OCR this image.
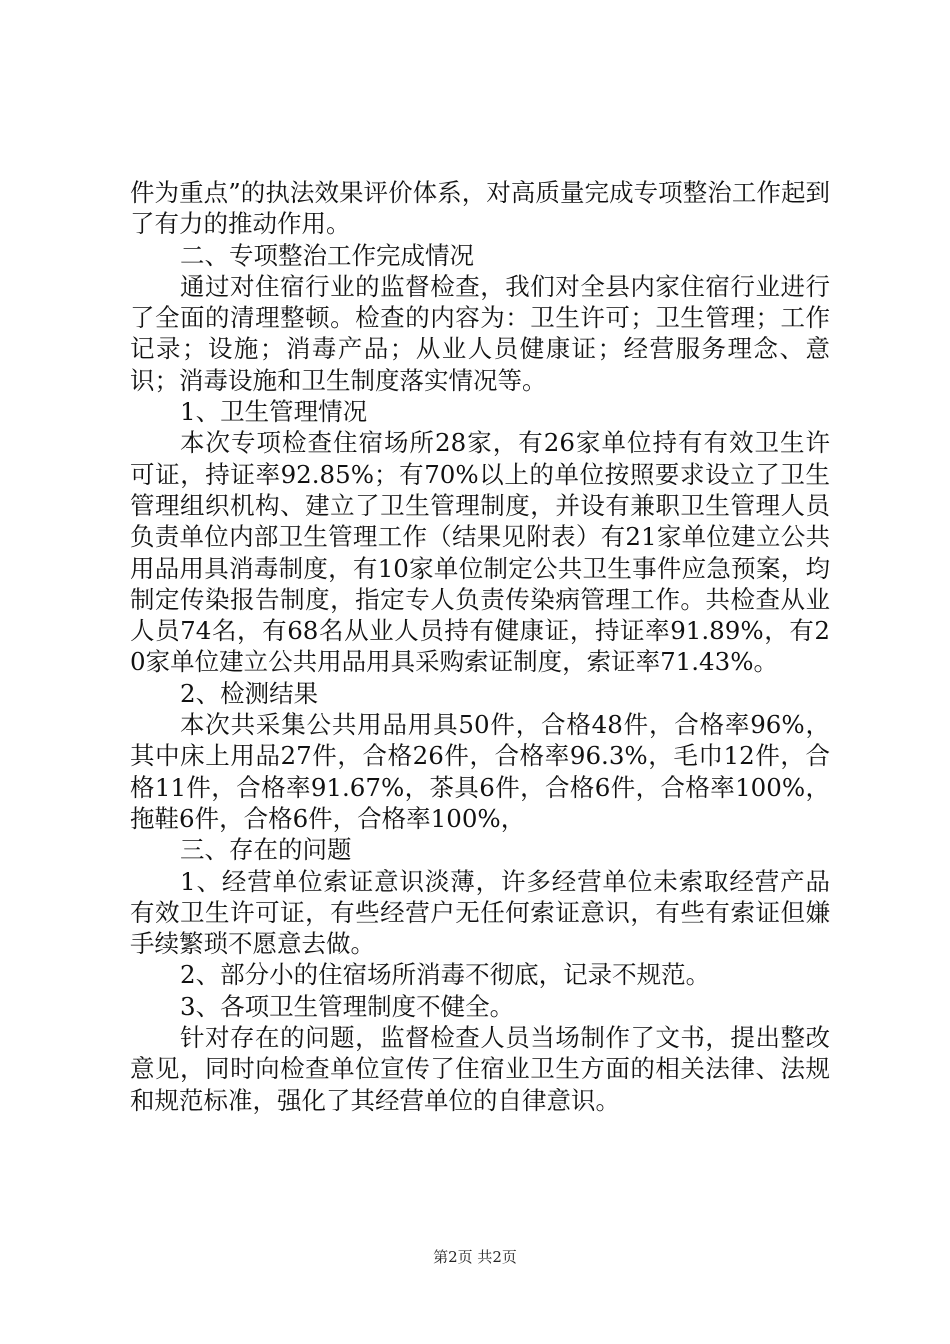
件为重点”的执法效果评价体系，对高质量完成专项整治工作起到了有力的推动作用。

二、专项整治工作完成情况

通过对住宿行业的监督检查，我们对全县内家住宿行业进行了全面的清理整顿。检查的内容为：卫生许可；卫生管理；工作记录；设施；消毒产品；从业人员健康证；经营服务理念、意识；消毒设施和卫生制度落实情况等。

1、卫生管理情况

本次专项检查住宿场所28家，有26家单位持有有效卫生许可证，持证率92.85%；有70%以上的单位按照要求设立了卫生管理组织机构、建立了卫生管理制度，并设有兼职卫生管理人员负责单位内部卫生管理工作（结果见附表）有21家单位建立公共用品用具消毒制度，有10家单位制定公共卫生事件应急预案，均制定传染报告制度，指定专人负责传染病管理工作。共检查从业人员74名，有68名从业人员持有健康证，持证率91.89%，有20家单位建立公共用品用具采购索证制度，索证率71.43%。

2、检测结果

本次共采集公共用品用具50件，合格48件，合格率96%，其中床上用品27件，合格26件，合格率96.3%，毛巾12件，合格11件，合格率91.67%，茶具6件，合格6件，合格率100%，拖鞋6件，合格6件，合格率100%，

三、存在的问题

1、经营单位索证意识淡薄，许多经营单位未索取经营产品有效卫生许可证，有些经营户无任何索证意识，有些有索证但嫌手续繁琐不愿意去做。

2、部分小的住宿场所消毒不彻底，记录不规范。

3、各项卫生管理制度不健全。

针对存在的问题，监督检查人员当场制作了文书，提出整改意见，同时向检查单位宣传了住宿业卫生方面的相关法律、法规和规范标准，强化了其经营单位的自律意识。

第2页 共2页
